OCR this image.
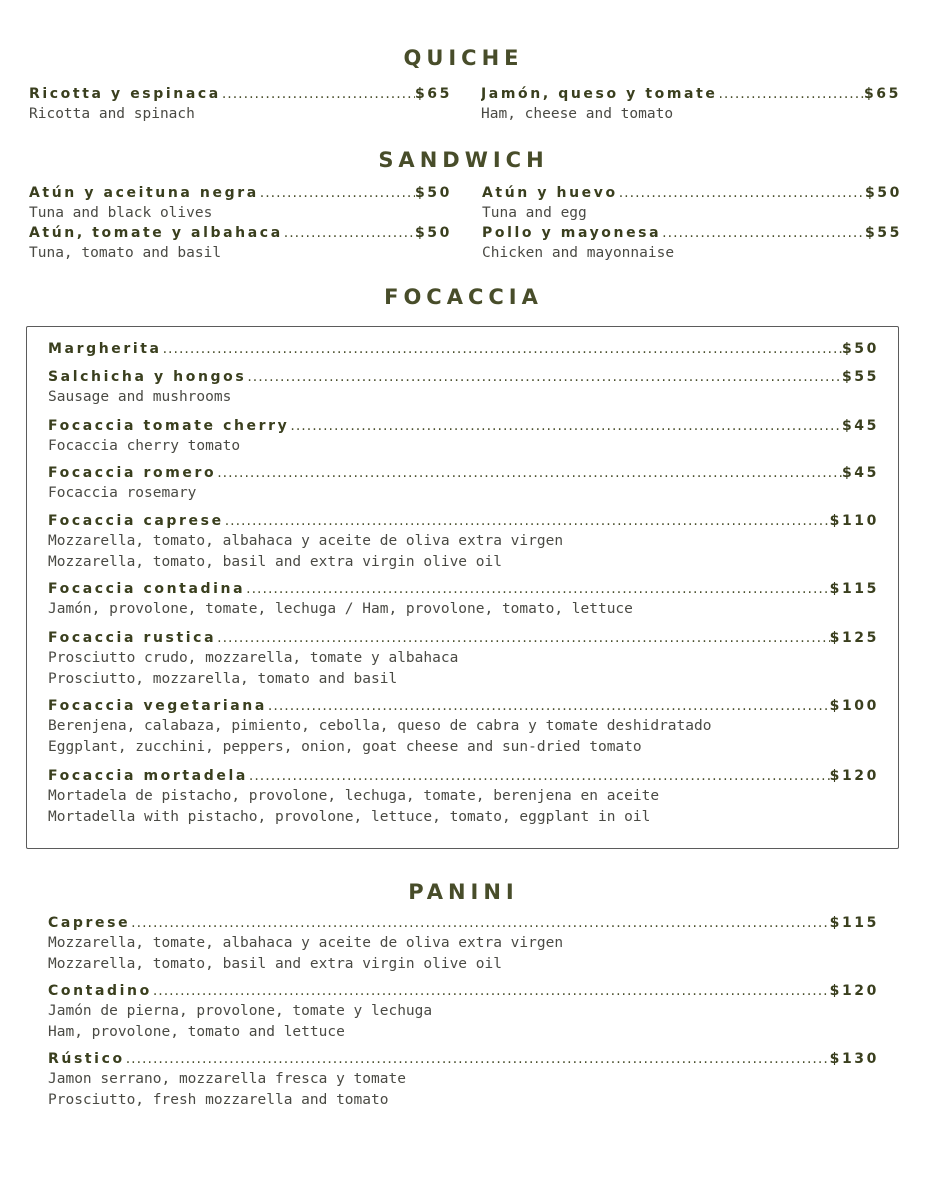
QUICHE
Ricotta y espinaca .....	$65
Ricotta and spinach
Jamón, queso y tomate .....	$65
Ham, cheese and tomato
SANDWICH
Atún y aceituna negra .....	$50
Tuna and black olives
Atún y huevo .....	$50
Tuna and egg
Atún, tomate y albahaca .....	$50
Tuna, tomato and basil
Pollo y mayonesa .....	$55
Chicken and mayonnaise
FOCACCIA
Margherita .....	$50
Salchicha y hongos .....	$55
Sausage and mushrooms
Focaccia tomate cherry .....	$45
Focaccia cherry tomato
Focaccia romero .....	$45
Focaccia rosemary
Focaccia caprese .....	$110
Mozzarella, tomato, albahaca y aceite de oliva extra virgen
Mozzarella, tomato, basil and extra virgin olive oil
Focaccia contadina .....	$115
Jamón, provolone, tomate, lechuga / Ham, provolone, tomato, lettuce
Focaccia rustica .....	$125
Prosciutto crudo, mozzarella, tomate y albahaca
Prosciutto, mozzarella, tomato and basil
Focaccia vegetariana .....	$100
Berenjena, calabaza, pimiento, cebolla, queso de cabra y tomate deshidratado
Eggplant, zucchini, peppers, onion, goat cheese and sun-dried tomato
Focaccia mortadela .....	$120
Mortadela de pistacho, provolone, lechuga, tomate, berenjena en aceite
Mortadella with pistacho, provolone, lettuce, tomato, eggplant in oil
PANINI
Caprese .....	$115
Mozzarella, tomate, albahaca y aceite de oliva extra virgen
Mozzarella, tomato, basil and extra virgin olive oil
Contadino .....	$120
Jamón de pierna, provolone, tomate y lechuga
Ham, provolone, tomato and lettuce
Rústico .....	$130
Jamon serrano, mozzarella fresca y tomate
Prosciutto, fresh mozzarella and tomato
